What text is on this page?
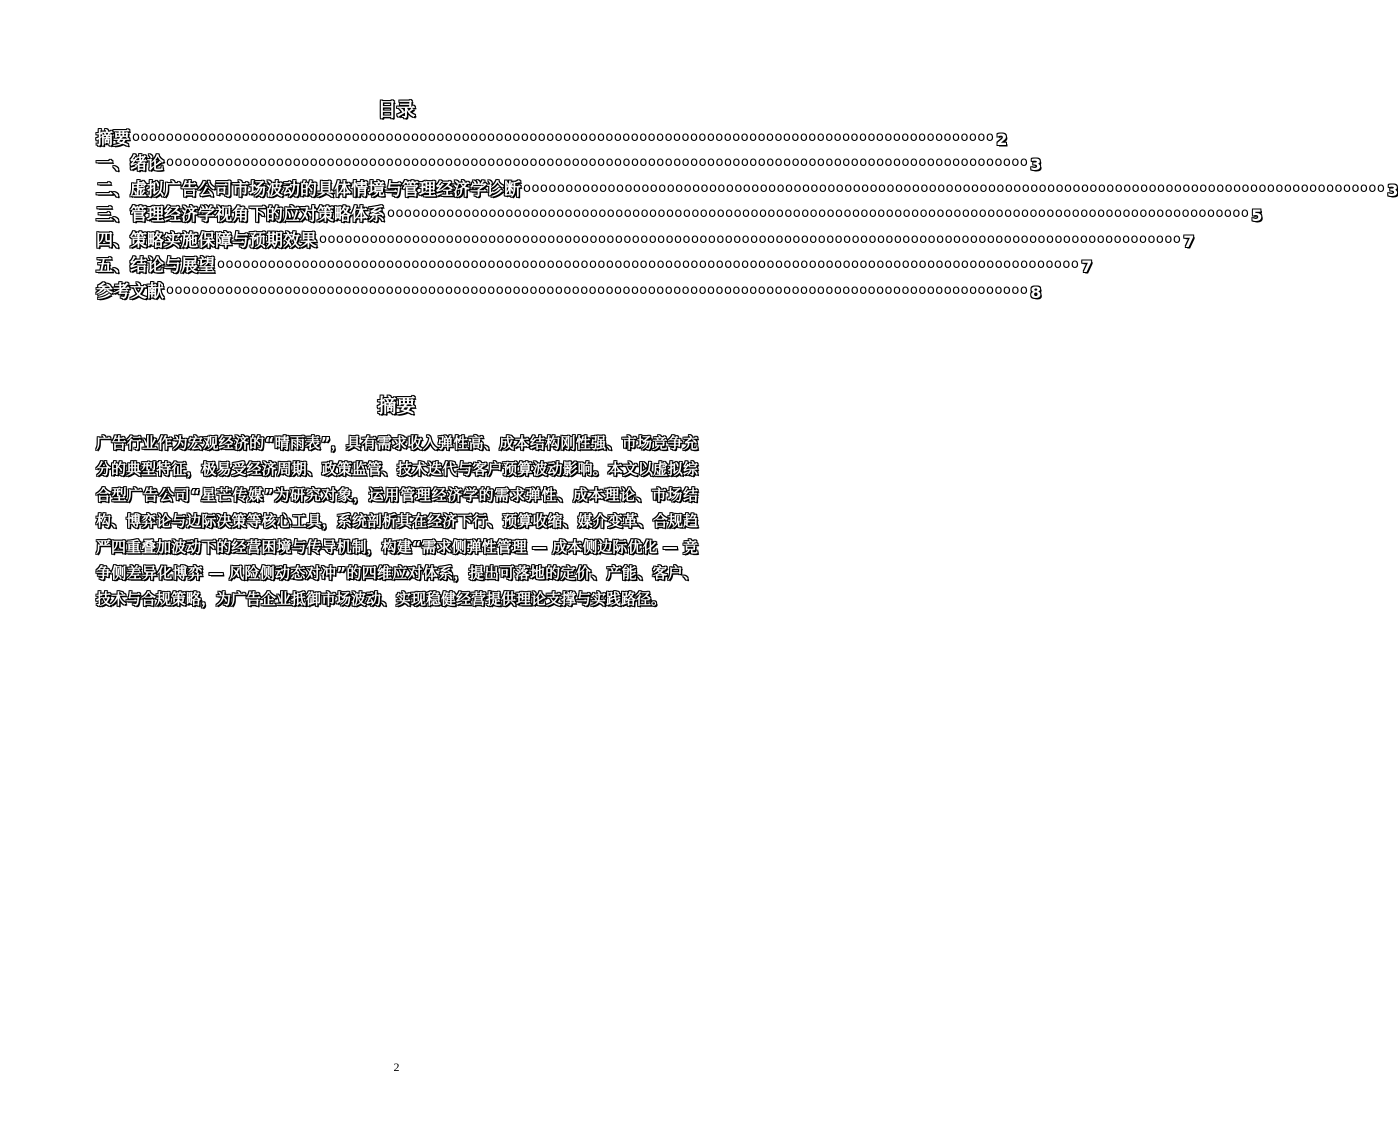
目录
摘要 oooooooooooooooooooooooooooooooooooooooooooooooooooooooooooooooooooooooooooooooooooooooooooooooooooooo 2
一、绪论 oooooooooooooooooooooooooooooooooooooooooooooooooooooooooooooooooooooooooooooooooooooooooooooooooooooo 3
二、虚拟广告公司市场波动的具体情境与管理经济学诊断 oooooooooooooooooooooooooooooooooooooooooooooooooooooooooooooooooooooooooooooooooooooooooooooooooooooo 3
三、管理经济学视角下的应对策略体系 oooooooooooooooooooooooooooooooooooooooooooooooooooooooooooooooooooooooooooooooooooooooooooooooooooooo 5
四、策略实施保障与预期效果 oooooooooooooooooooooooooooooooooooooooooooooooooooooooooooooooooooooooooooooooooooooooooooooooooooooo 7
五、结论与展望 oooooooooooooooooooooooooooooooooooooooooooooooooooooooooooooooooooooooooooooooooooooooooooooooooooooo 7
参考文献 oooooooooooooooooooooooooooooooooooooooooooooooooooooooooooooooooooooooooooooooooooooooooooooooooooooo 8
摘要
广告行业作为宏观经济的“晴雨表”，具有需求收入弹性高、成本结构刚性强、市场竞争充分的典型特征，极易受经济周期、政策监管、技术迭代与客户预算波动影响。本文以虚拟综合型广告公司“星芒传媒”为研究对象，运用管理经济学的需求弹性、成本理论、市场结构、博弈论与边际决策等核心工具，系统剖析其在经济下行、预算收缩、媒介变革、合规趋严四重叠加波动下的经营困境与传导机制，构建“需求侧弹性管理 — 成本侧边际优化 — 竞争侧差异化博弈 — 风险侧动态对冲”的四维应对体系，提出可落地的定价、产能、客户、技术与合规策略，为广告企业抵御市场波动、实现稳健经营提供理论支撑与实践路径。
2
